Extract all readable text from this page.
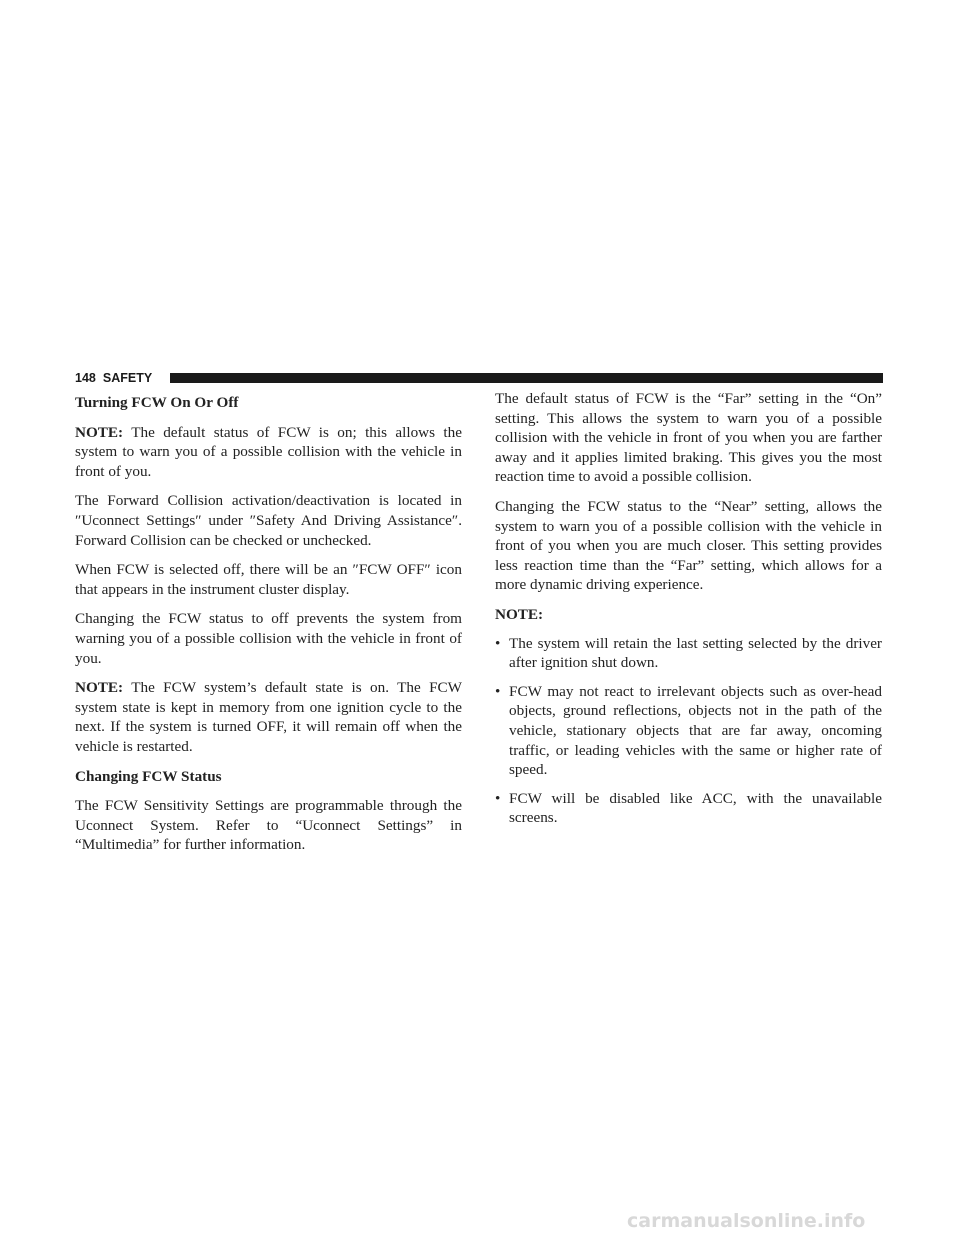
148 SAFETY
Turning FCW On Or Off

NOTE: The default status of FCW is on; this allows the system to warn you of a possible collision with the vehicle in front of you.

The Forward Collision activation/deactivation is located in ″Uconnect Settings″ under ″Safety And Driving Assistance″. Forward Collision can be checked or unchecked.

When FCW is selected off, there will be an ″FCW OFF″ icon that appears in the instrument cluster display.

Changing the FCW status to off prevents the system from warning you of a possible collision with the vehicle in front of you.

NOTE: The FCW system’s default state is on. The FCW system state is kept in memory from one ignition cycle to the next. If the system is turned OFF, it will remain off when the vehicle is restarted.

Changing FCW Status

The FCW Sensitivity Settings are programmable through the Uconnect System. Refer to “Uconnect Settings” in “Multimedia” for further information.

The default status of FCW is the “Far” setting in the “On” setting. This allows the system to warn you of a possible collision with the vehicle in front of you when you are farther away and it applies limited braking. This gives you the most reaction time to avoid a possible collision.

Changing the FCW status to the “Near” setting, allows the system to warn you of a possible collision with the vehicle in front of you when you are much closer. This setting provides less reaction time than the “Far” setting, which allows for a more dynamic driving experience.

NOTE:

• The system will retain the last setting selected by the driver after ignition shut down.
• FCW may not react to irrelevant objects such as over-head objects, ground reflections, objects not in the path of the vehicle, stationary objects that are far away, oncoming traffic, or leading vehicles with the same or higher rate of speed.
• FCW will be disabled like ACC, with the unavailable screens.
carmanualsonline.info
